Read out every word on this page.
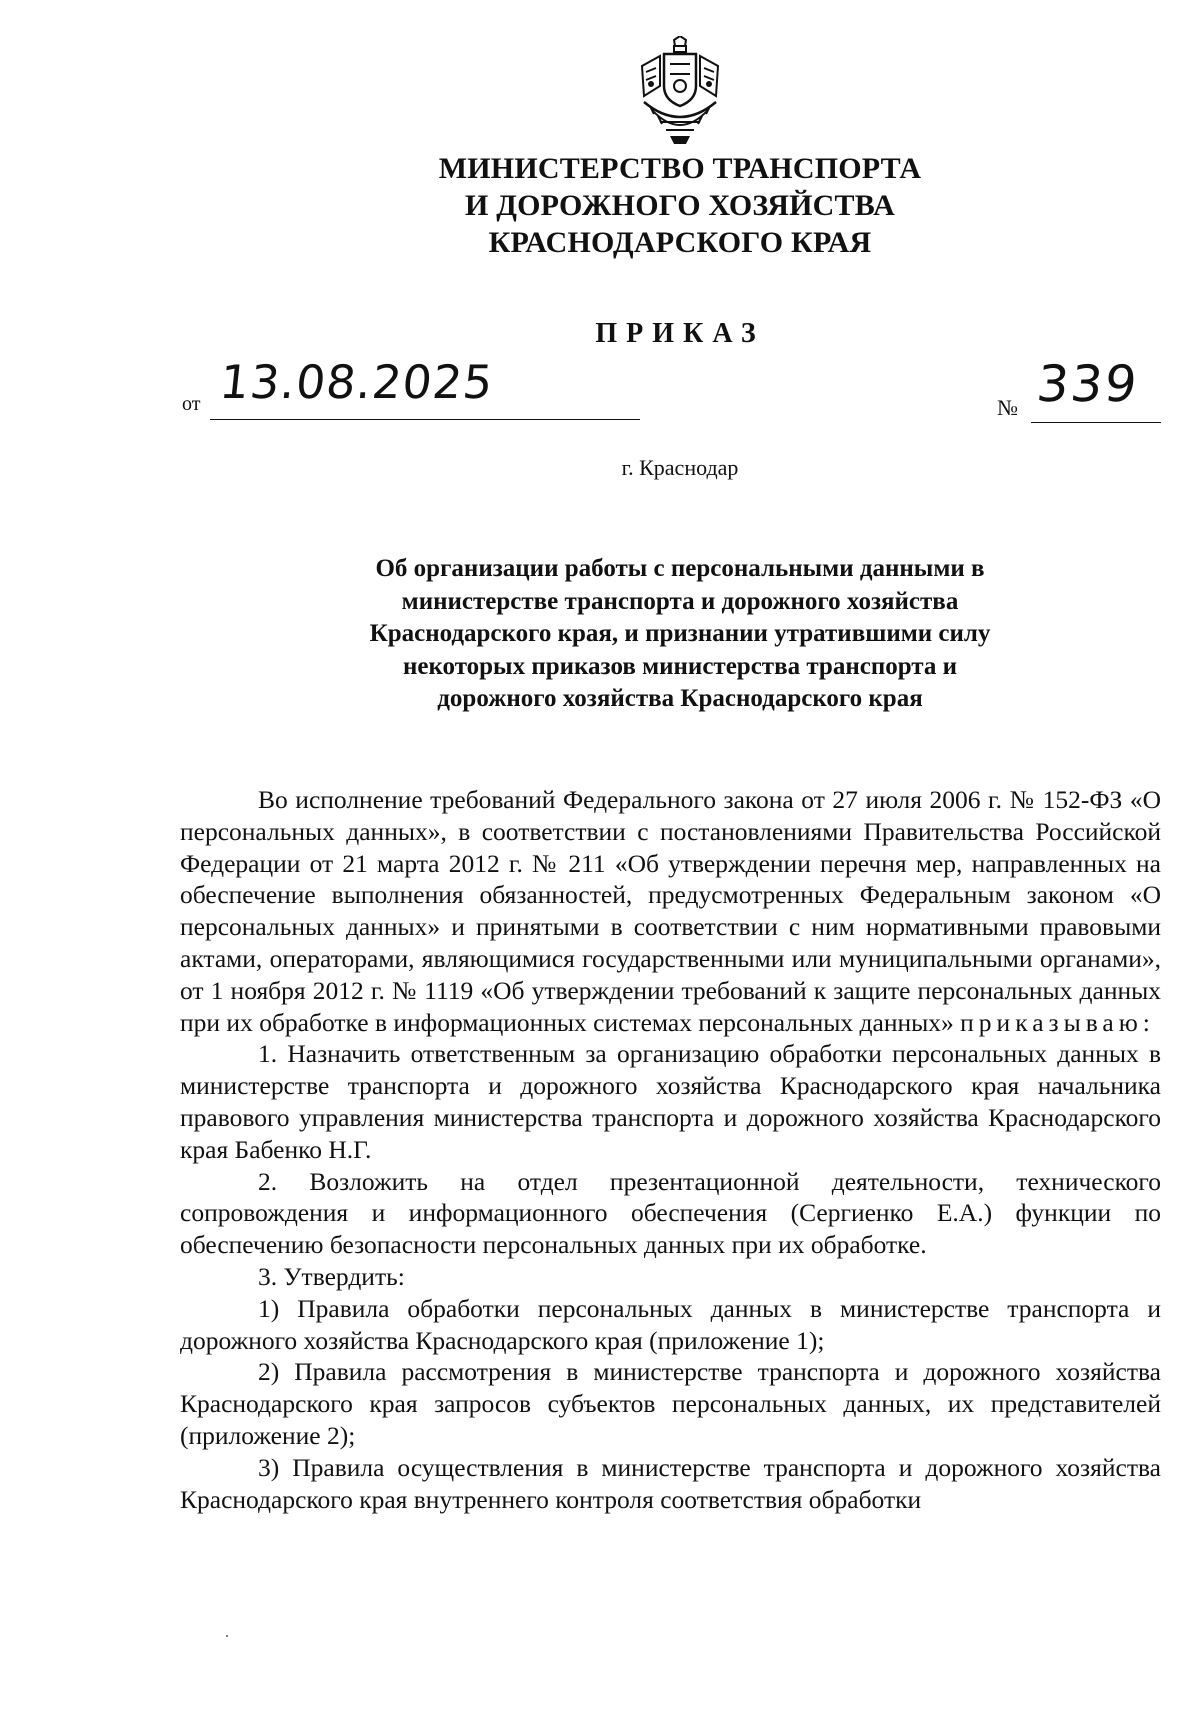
МИНИСТЕРСТВО ТРАНСПОРТА
И ДОРОЖНОГО ХОЗЯЙСТВА
КРАСНОДАРСКОГО КРАЯ
ПРИКАЗ
от 13.08.2025	№ 339
г. Краснодар
Об организации работы с персональными данными в
министерстве транспорта и дорожного хозяйства
Краснодарского края, и признании утратившими силу
некоторых приказов министерства транспорта и
дорожного хозяйства Краснодарского края

Во исполнение требований Федерального закона от 27 июля 2006 г. № 152-ФЗ «О персональных данных», в соответствии с постановлениями Правительства Российской Федерации от 21 марта 2012 г. № 211 «Об утверждении перечня мер, направленных на обеспечение выполнения обязанностей, предусмотренных Федеральным законом «О персональных данных» и принятыми в соответствии с ним нормативными правовыми актами, операторами, являющимися государственными или муниципальными органами», от 1 ноября 2012 г. № 1119 «Об утверждении требований к защите персональных данных при их обработке в информационных системах персональных данных» приказываю:

1. Назначить ответственным за организацию обработки персональных данных в министерстве транспорта и дорожного хозяйства Краснодарского края начальника правового управления министерства транспорта и дорожного хозяйства Краснодарского края Бабенко Н.Г.

2. Возложить на отдел презентационной деятельности, технического сопровождения и информационного обеспечения (Сергиенко Е.А.) функции по обеспечению безопасности персональных данных при их обработке.

3. Утвердить:

1) Правила обработки персональных данных в министерстве транспорта и дорожного хозяйства Краснодарского края (приложение 1);

2) Правила рассмотрения в министерстве транспорта и дорожного хозяйства Краснодарского края запросов субъектов персональных данных, их представителей (приложение 2);

3) Правила осуществления в министерстве транспорта и дорожного хозяйства Краснодарского края внутреннего контроля соответствия обработки
